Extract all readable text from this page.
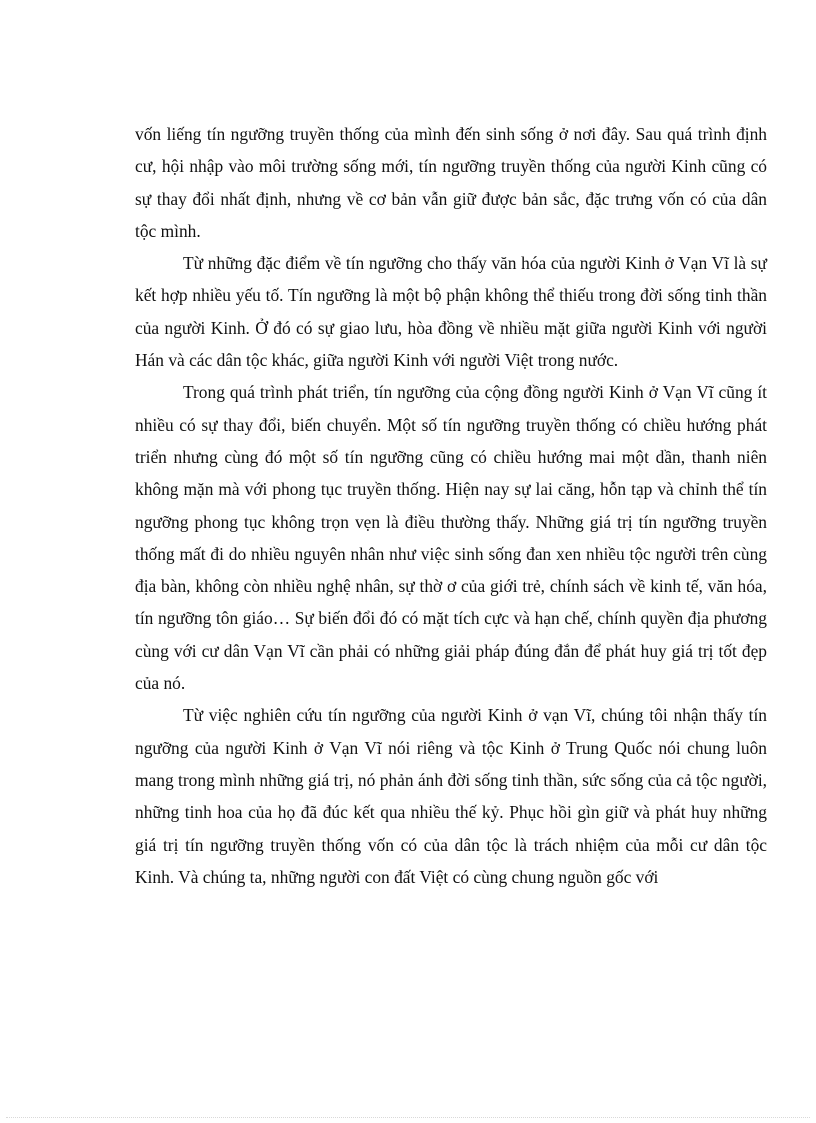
vốn liếng tín ngưỡng truyền thống của mình đến sinh sống ở nơi đây. Sau quá trình định cư, hội nhập vào môi trường sống mới, tín ngưỡng truyền thống của người Kinh cũng có sự thay đổi nhất định, nhưng về cơ bản vẫn giữ được bản sắc, đặc trưng vốn có của dân tộc mình.

Từ những đặc điểm về tín ngưỡng cho thấy văn hóa của người Kinh ở Vạn Vĩ là sự kết hợp nhiều yếu tố. Tín ngưỡng là một bộ phận không thể thiếu trong đời sống tinh thần của người Kinh. Ở đó có sự giao lưu, hòa đồng về nhiều mặt giữa người Kinh với người Hán và các dân tộc khác, giữa người Kinh với người Việt trong nước.

Trong quá trình phát triển, tín ngưỡng của cộng đồng người Kinh ở Vạn Vĩ cũng ít nhiều có sự thay đổi, biến chuyển. Một số tín ngưỡng truyền thống có chiều hướng phát triển nhưng cùng đó một số tín ngưỡng cũng có chiều hướng mai một dần, thanh niên không mặn mà với phong tục truyền thống. Hiện nay sự lai căng, hỗn tạp và chỉnh thể tín ngưỡng phong tục không trọn vẹn là điều thường thấy. Những giá trị tín ngưỡng truyền thống mất đi do nhiều nguyên nhân như việc sinh sống đan xen nhiều tộc người trên cùng địa bàn, không còn nhiều nghệ nhân, sự thờ ơ của giới trẻ, chính sách về kinh tế, văn hóa, tín ngưỡng tôn giáo… Sự biến đổi đó có mặt tích cực và hạn chế, chính quyền địa phương cùng với cư dân Vạn Vĩ cần phải có những giải pháp đúng đắn để phát huy giá trị tốt đẹp của nó.

Từ việc nghiên cứu tín ngưỡng của người Kinh ở vạn Vĩ, chúng tôi nhận thấy tín ngưỡng của người Kinh ở Vạn Vĩ nói riêng và tộc Kinh ở Trung Quốc nói chung luôn mang trong mình những giá trị, nó phản ánh đời sống tinh thần, sức sống của cả tộc người, những tinh hoa của họ đã đúc kết qua nhiều thế kỷ. Phục hồi gìn giữ và phát huy những giá trị tín ngưỡng truyền thống vốn có của dân tộc là trách nhiệm của mỗi cư dân tộc Kinh. Và chúng ta, những người con đất Việt có cùng chung nguồn gốc với
